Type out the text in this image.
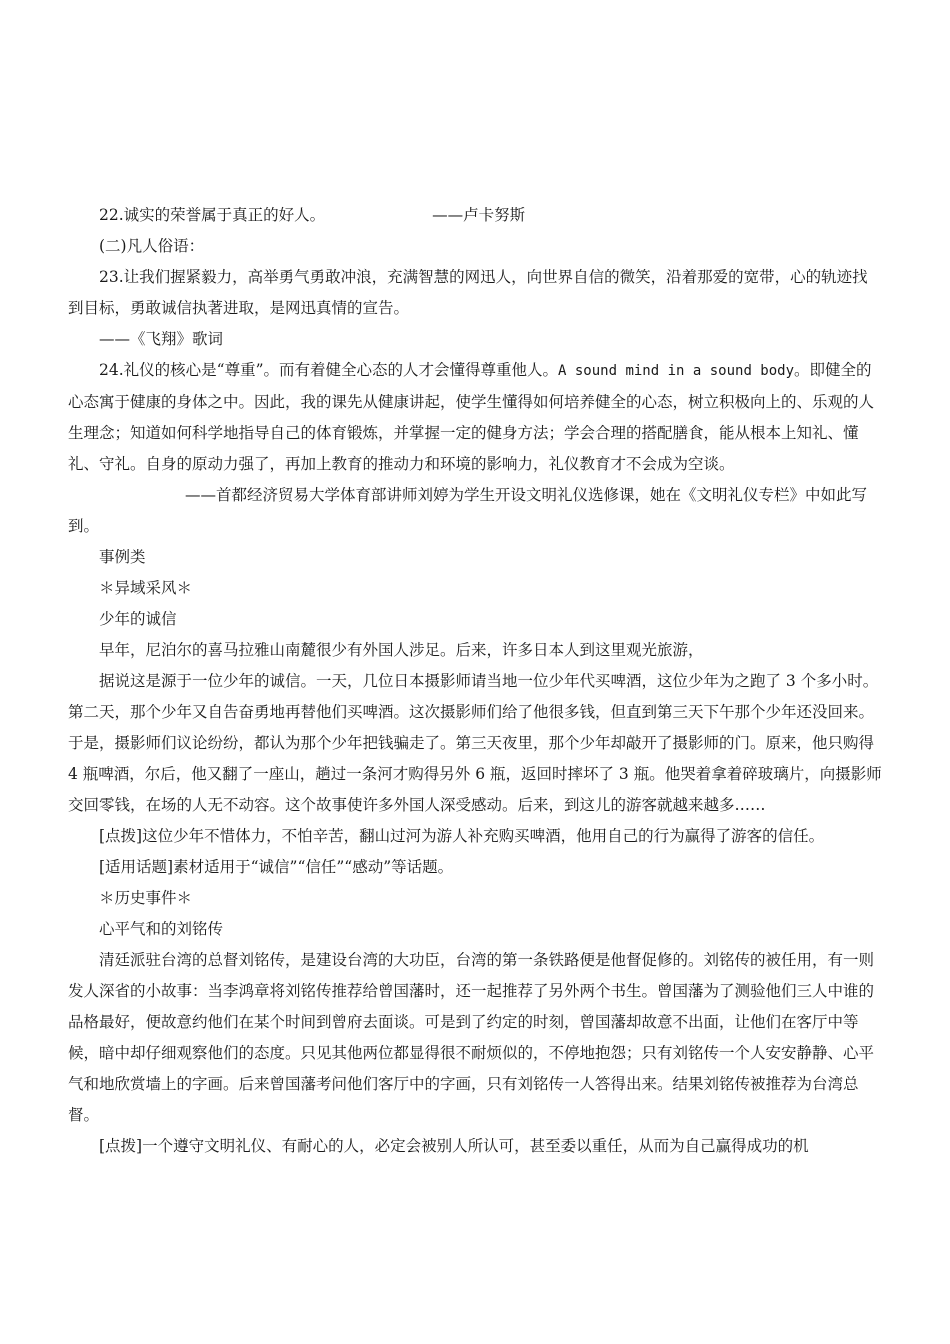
22.诚实的荣誉属于真正的好人。	——卢卡努斯
(二)凡人俗语：
23.让我们握紧毅力，高举勇气勇敢冲浪，充满智慧的网迅人，向世界自信的微笑，沿着那爱的宽带，心的轨迹找到目标，勇敢诚信执著进取，是网迅真情的宣告。
——《飞翔》歌词
24.礼仪的核心是“尊重”。而有着健全心态的人才会懂得尊重他人。A sound mind in a sound body。即健全的心态寓于健康的身体之中。因此，我的课先从健康讲起，使学生懂得如何培养健全的心态，树立积极向上的、乐观的人生理念；知道如何科学地指导自己的体育锻炼，并掌握一定的健身方法；学会合理的搭配膳食，能从根本上知礼、懂礼、守礼。自身的原动力强了，再加上教育的推动力和环境的影响力，礼仪教育才不会成为空谈。
——首都经济贸易大学体育部讲师刘婷为学生开设文明礼仪选修课，她在《文明礼仪专栏》中如此写到。
事例类
＊异域采风＊
少年的诚信
早年，尼泊尔的喜马拉雅山南麓很少有外国人涉足。后来，许多日本人到这里观光旅游，
据说这是源于一位少年的诚信。一天，几位日本摄影师请当地一位少年代买啤酒，这位少年为之跑了 3 个多小时。第二天，那个少年又自告奋勇地再替他们买啤酒。这次摄影师们给了他很多钱，但直到第三天下午那个少年还没回来。于是，摄影师们议论纷纷，都认为那个少年把钱骗走了。第三天夜里，那个少年却敲开了摄影师的门。原来，他只购得 4 瓶啤酒，尔后，他又翻了一座山，趟过一条河才购得另外 6 瓶，返回时摔坏了 3 瓶。他哭着拿着碎玻璃片，向摄影师交回零钱，在场的人无不动容。这个故事使许多外国人深受感动。后来，到这儿的游客就越来越多……
[点拨]这位少年不惜体力，不怕辛苦，翻山过河为游人补充购买啤酒，他用自己的行为赢得了游客的信任。
[适用话题]素材适用于“诚信”“信任”“感动”等话题。
＊历史事件＊
心平气和的刘铭传
清廷派驻台湾的总督刘铭传，是建设台湾的大功臣，台湾的第一条铁路便是他督促修的。刘铭传的被任用，有一则发人深省的小故事：当李鸿章将刘铭传推荐给曾国藩时，还一起推荐了另外两个书生。曾国藩为了测验他们三人中谁的品格最好，便故意约他们在某个时间到曾府去面谈。可是到了约定的时刻，曾国藩却故意不出面，让他们在客厅中等候，暗中却仔细观察他们的态度。只见其他两位都显得很不耐烦似的，不停地抱怨；只有刘铭传一个人安安静静、心平气和地欣赏墙上的字画。后来曾国藩考问他们客厅中的字画，只有刘铭传一人答得出来。结果刘铭传被推荐为台湾总督。
[点拨]一个遵守文明礼仪、有耐心的人，必定会被别人所认可，甚至委以重任，从而为自己赢得成功的机
